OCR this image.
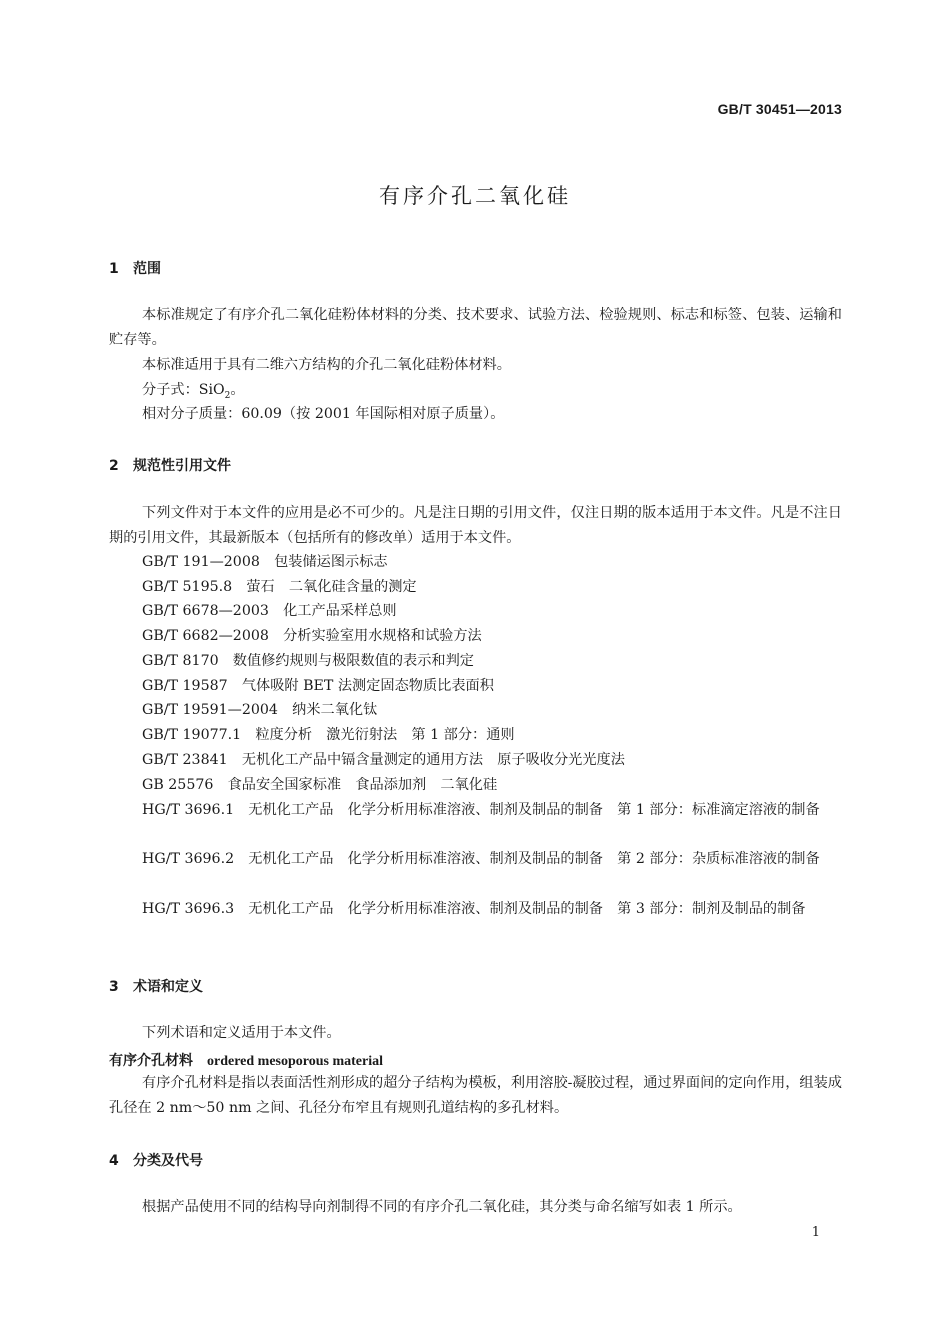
GB/T 30451—2013
有序介孔二氧化硅
1 范围
本标准规定了有序介孔二氧化硅粉体材料的分类、技术要求、试验方法、检验规则、标志和标签、包装、运输和贮存等。
本标准适用于具有二维六方结构的介孔二氧化硅粉体材料。
分子式：SiO$_2$。
相对分子质量：60.09（按 2001 年国际相对原子质量）。
2 规范性引用文件
下列文件对于本文件的应用是必不可少的。凡是注日期的引用文件，仅注日期的版本适用于本文件。凡是不注日期的引用文件，其最新版本（包括所有的修改单）适用于本文件。
GB/T 191—2008　包装储运图示标志
GB/T 5195.8　萤石　二氧化硅含量的测定
GB/T 6678—2003　化工产品采样总则
GB/T 6682—2008　分析实验室用水规格和试验方法
GB/T 8170　数值修约规则与极限数值的表示和判定
GB/T 19587　气体吸附 BET 法测定固态物质比表面积
GB/T 19591—2004　纳米二氧化钛
GB/T 19077.1　粒度分析　激光衍射法　第 1 部分：通则
GB/T 23841　无机化工产品中镉含量测定的通用方法　原子吸收分光光度法
GB 25576　食品安全国家标准　食品添加剂　二氧化硅
HG/T 3696.1　无机化工产品　化学分析用标准溶液、制剂及制品的制备　第 1 部分：标准滴定溶液的制备
HG/T 3696.2　无机化工产品　化学分析用标准溶液、制剂及制品的制备　第 2 部分：杂质标准溶液的制备
HG/T 3696.3　无机化工产品　化学分析用标准溶液、制剂及制品的制备　第 3 部分：制剂及制品的制备
3 术语和定义
下列术语和定义适用于本文件。
有序介孔材料 ordered mesoporous material
有序介孔材料是指以表面活性剂形成的超分子结构为模板，利用溶胶-凝胶过程，通过界面间的定向作用，组装成孔径在 2 nm～50 nm 之间、孔径分布窄且有规则孔道结构的多孔材料。
4 分类及代号
根据产品使用不同的结构导向剂制得不同的有序介孔二氧化硅，其分类与命名缩写如表 1 所示。
1
